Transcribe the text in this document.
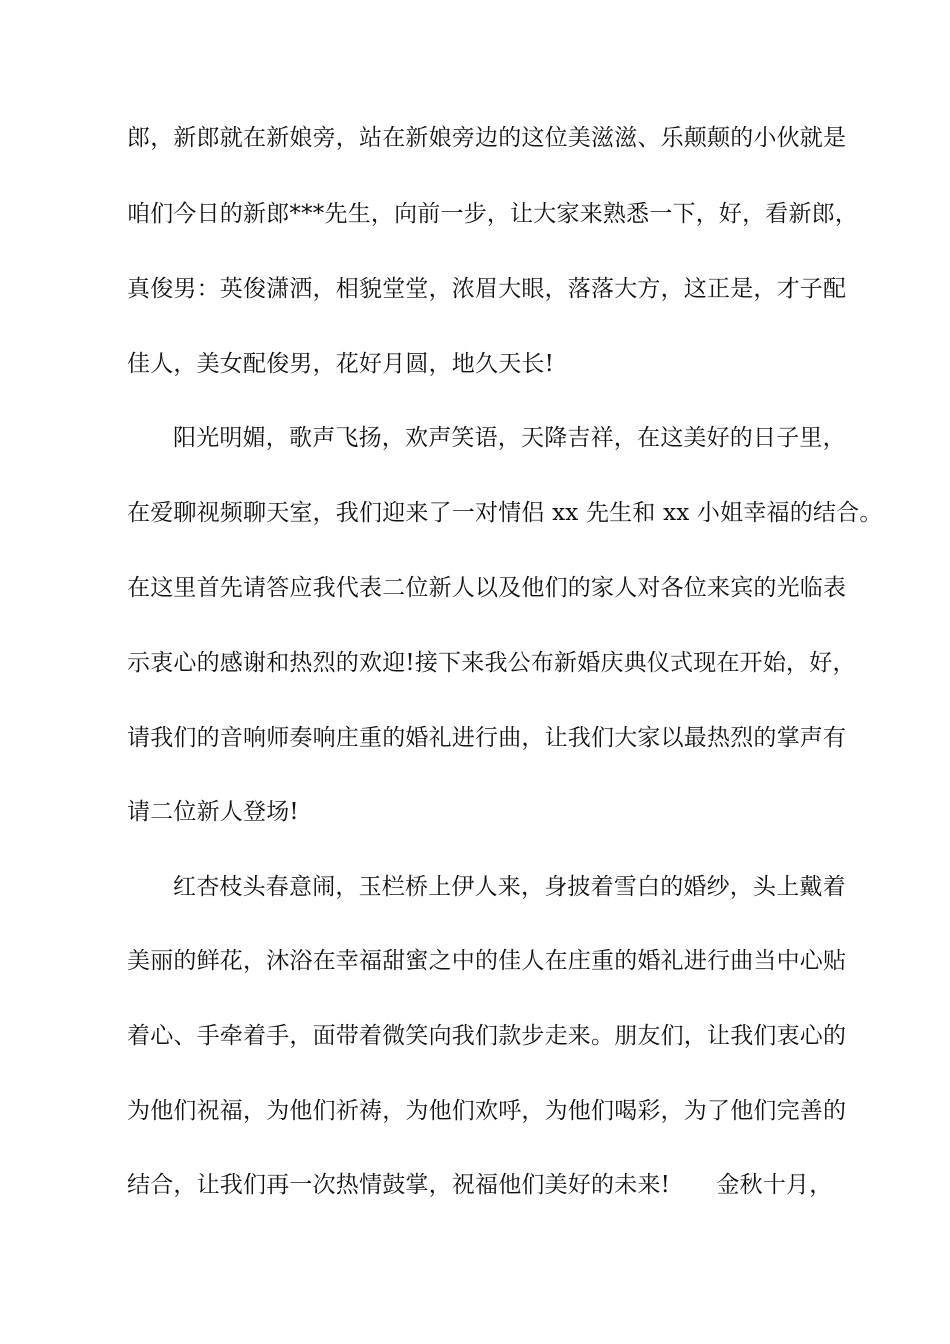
郎，新郎就在新娘旁，站在新娘旁边的这位美滋滋、乐颠颠的小伙就是
咱们今日的新郎***先生，向前一步，让大家来熟悉一下，好，看新郎，
真俊男：英俊潇洒，相貌堂堂，浓眉大眼，落落大方，这正是，才子配
佳人，美女配俊男，花好月圆，地久天长!
阳光明媚，歌声飞扬，欢声笑语，天降吉祥，在这美好的日子里，
在爱聊视频聊天室，我们迎来了一对情侣 xx 先生和 xx 小姐幸福的结合。
在这里首先请答应我代表二位新人以及他们的家人对各位来宾的光临表
示衷心的感谢和热烈的欢迎!接下来我公布新婚庆典仪式现在开始，好，
请我们的音响师奏响庄重的婚礼进行曲，让我们大家以最热烈的掌声有
请二位新人登场!
红杏枝头春意闹，玉栏桥上伊人来，身披着雪白的婚纱，头上戴着
美丽的鲜花，沐浴在幸福甜蜜之中的佳人在庄重的婚礼进行曲当中心贴
着心、手牵着手，面带着微笑向我们款步走来。朋友们，让我们衷心的
为他们祝福，为他们祈祷，为他们欢呼，为他们喝彩，为了他们完善的
结合，让我们再一次热情鼓掌，祝福他们美好的未来!　　金秋十月，
